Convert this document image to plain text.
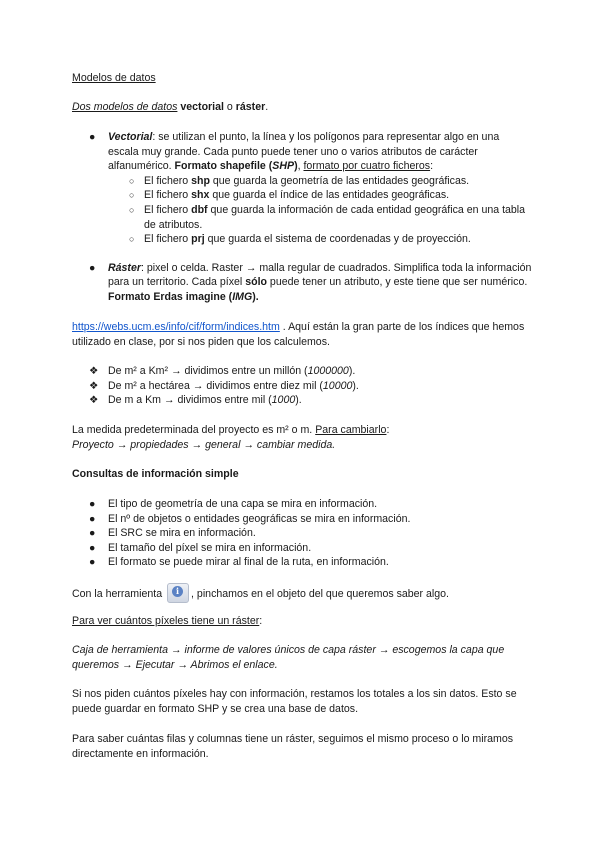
Modelos de datos
Dos modelos de datos vectorial o ráster.
● Vectorial: se utilizan el punto, la línea y los polígonos para representar algo en una escala muy grande. Cada punto puede tener uno o varios atributos de carácter alfanumérico. Formato shapefile (SHP), formato por cuatro ficheros:
○ El fichero shp que guarda la geometría de las entidades geográficas.
○ El fichero shx que guarda el índice de las entidades geográficas.
○ El fichero dbf que guarda la información de cada entidad geográfica en una tabla de atributos.
○ El fichero prj que guarda el sistema de coordenadas y de proyección.
● Ráster: pixel o celda. Raster → malla regular de cuadrados. Simplifica toda la información para un territorio. Cada píxel sólo puede tener un atributo, y este tiene que ser numérico. Formato Erdas imagine (IMG).
https://webs.ucm.es/info/cif/form/indices.htm . Aquí están la gran parte de los índices que hemos utilizado en clase, por si nos piden que los calculemos.
❖ De m² a Km² → dividimos entre un millón (1000000).
❖ De m² a hectárea → dividimos entre diez mil (10000).
❖ De m a Km → dividimos entre mil (1000).
La medida predeterminada del proyecto es m² o m. Para cambiarlo:
Proyecto → propiedades → general → cambiar medida.
Consultas de información simple
● El tipo de geometría de una capa se mira en información.
● El nº de objetos o entidades geográficas se mira en información.
● El SRC se mira en información.
● El tamaño del píxel se mira en información.
● El formato se puede mirar al final de la ruta, en información.
Con la herramienta	i	, pinchamos en el objeto del que queremos saber algo.
Para ver cuántos píxeles tiene un ráster:
Caja de herramienta → informe de valores únicos de capa ráster → escogemos la capa que queremos → Ejecutar → Abrimos el enlace.
Si nos piden cuántos píxeles hay con información, restamos los totales a los sin datos. Esto se puede guardar en formato SHP y se crea una base de datos.
Para saber cuántas filas y columnas tiene un ráster, seguimos el mismo proceso o lo miramos directamente en información.
